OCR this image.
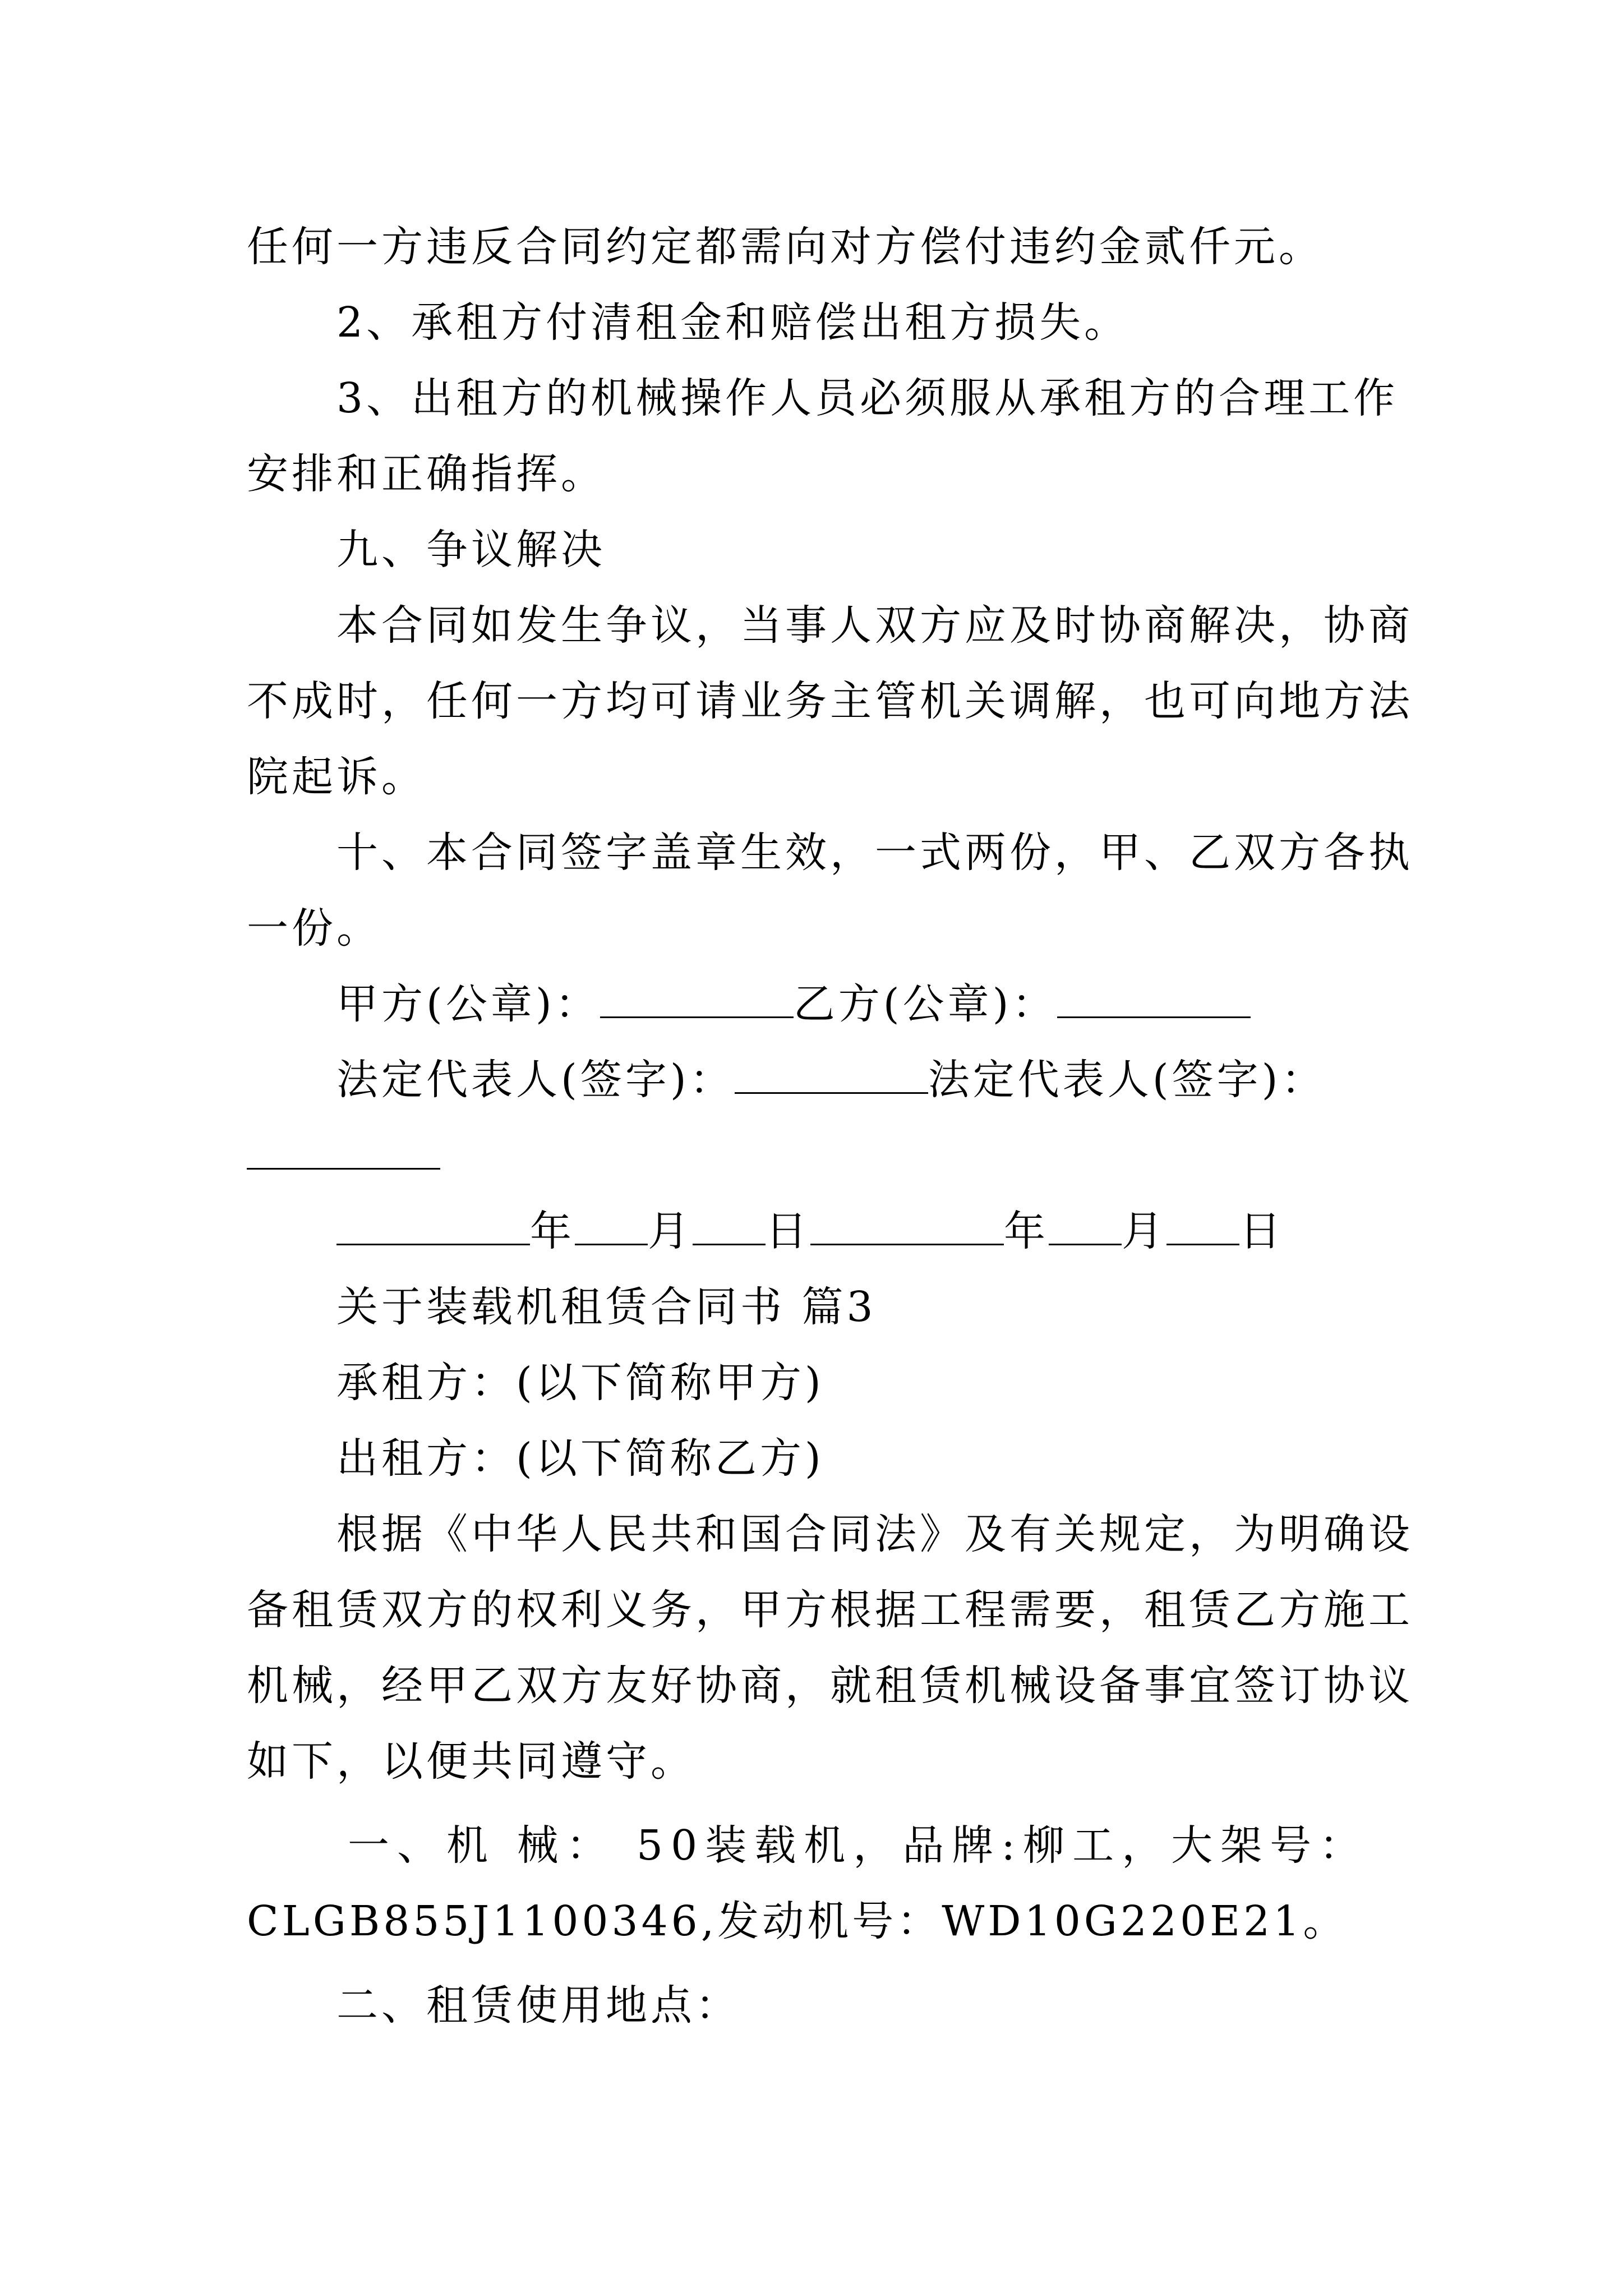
任何一方违反合同约定都需向对方偿付违约金贰仟元。
2、承租方付清租金和赔偿出租方损失。
3、出租方的机械操作人员必须服从承租方的合理工作
安排和正确指挥。
九、争议解决
本合同如发生争议，当事人双方应及时协商解决，协商
不成时，任何一方均可请业务主管机关调解，也可向地方法
院起诉。
十、本合同签字盖章生效，一式两份，甲、乙双方各执
一份。
甲方(公章)：	乙方(公章)：
法定代表人(签字)：	法定代表人(签字)：
年 月 日	年 月 日
关于装载机租赁合同书 篇3
承租方：(以下简称甲方)
出租方：(以下简称乙方)
根据《中华人民共和国合同法》及有关规定，为明确设
备租赁双方的权利义务，甲方根据工程需要，租赁乙方施工
机械，经甲乙双方友好协商，就租赁机械设备事宜签订协议
如下，以便共同遵守。
一、机 械： 50装载机，品牌:柳工，大架号：
CLGB855J1100346,发动机号：WD10G220E21。
二、租赁使用地点：
